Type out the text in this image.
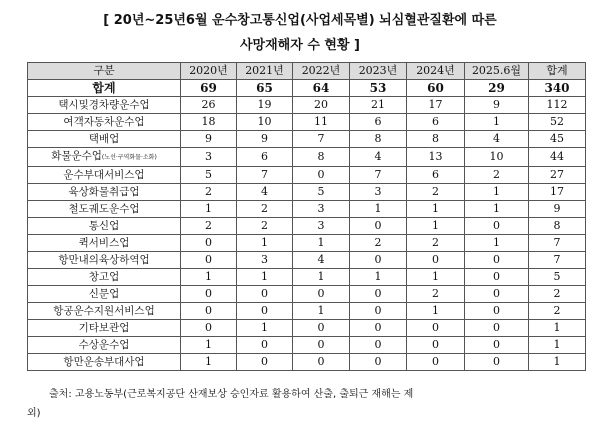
[ 20년~25년6월 운수창고통신업(사업세목별) 뇌심혈관질환에 따른
사망재해자 수 현황 ]
구분	2020년	2021년	2022년	2023년	2024년	2025.6월	합계
합계	69	65	64	53	60	29	340
택시및경차량운수업	26	19	20	21	17	9	112
여객자동차운수업	18	10	11	6	6	1	52
택배업	9	9	7	8	8	4	45
화물운수업(노선·구역화물·소화)	3	6	8	4	13	10	44
운수부대서비스업	5	7	0	7	6	2	27
육상화물취급업	2	4	5	3	2	1	17
철도궤도운수업	1	2	3	1	1	1	9
통신업	2	2	3	0	1	0	8
퀵서비스업	0	1	1	2	2	1	7
항만내의육상하역업	0	3	4	0	0	0	7
창고업	1	1	1	1	1	0	5
신문업	0	0	0	0	2	0	2
항공운수지원서비스업	0	0	1	0	1	0	2
기타보관업	0	1	0	0	0	0	1
수상운수업	1	0	0	0	0	0	1
항만운송부대사업	1	0	0	0	0	0	1
출처: 고용노동부(근로복지공단 산재보상 승인자료 활용하여 산출, 출퇴근 재해는 제
외)
